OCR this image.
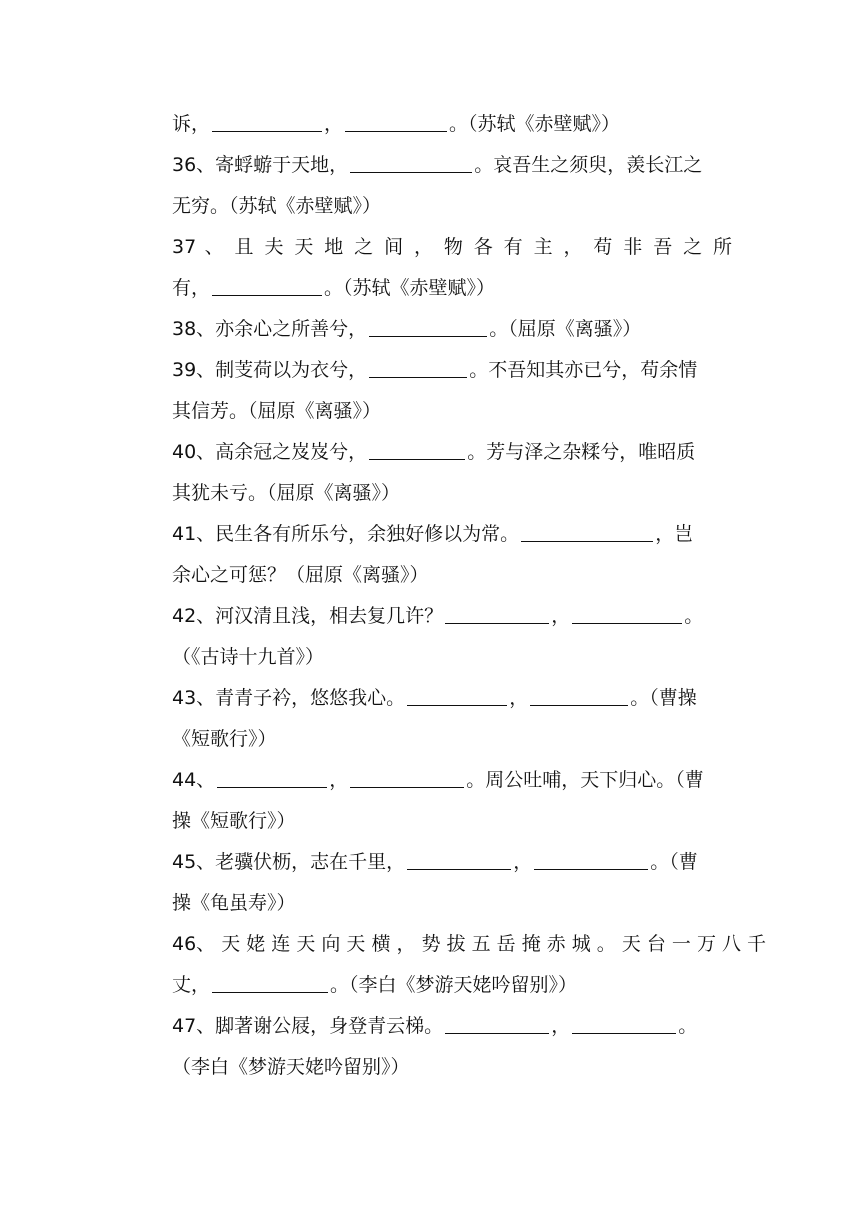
诉，	，	。（苏轼《赤壁赋》）
36、寄蜉蝣于天地，	。哀吾生之须臾，羡长江之
无穷。（苏轼《赤壁赋》）
37 、 且 夫 天 地 之 间 ， 物 各 有 主 ， 苟 非 吾 之 所
有，	。（苏轼《赤壁赋》）
38、亦余心之所善兮，	。（屈原《离骚》）
39、制芰荷以为衣兮，	。不吾知其亦已兮，苟余情
其信芳。（屈原《离骚》）
40、高余冠之岌岌兮，	。芳与泽之杂糅兮，唯昭质
其犹未亏。（屈原《离骚》）
41、民生各有所乐兮，余独好修以为常。	，岂
余心之可惩？（屈原《离骚》）
42、河汉清且浅，相去复几许？	，	。
（《古诗十九首》）
43、青青子衿，悠悠我心。	，	。（曹操
《短歌行》）
44、	，	。周公吐哺，天下归心。（曹
操《短歌行》）
45、老骥伏枥，志在千里，	，	。（曹
操《龟虽寿》）
46、 天 姥 连 天 向 天 横 ， 势 拔 五 岳 掩 赤 城 。 天 台 一 万 八 千
丈，	。（李白《梦游天姥吟留别》）
47、脚著谢公屐，身登青云梯。	，	。
（李白《梦游天姥吟留别》）
